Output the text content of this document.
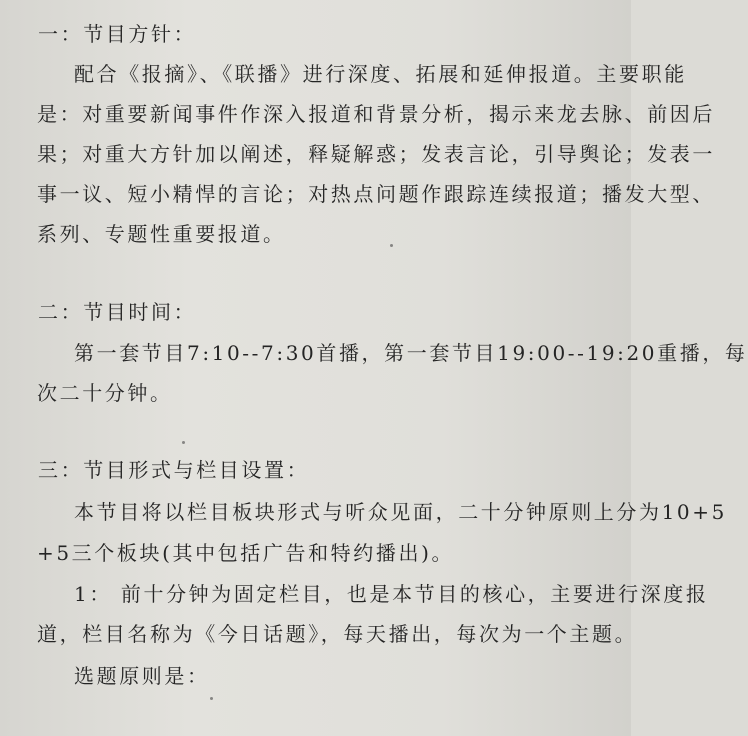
一：节目方针：

配合《报摘》、《联播》进行深度、拓展和延伸报道。主要职能

是：对重要新闻事件作深入报道和背景分析，揭示来龙去脉、前因后

果；对重大方针加以阐述，释疑解惑；发表言论，引导舆论；发表一

事一议、短小精悍的言论；对热点问题作跟踪连续报道；播发大型、

系列、专题性重要报道。

二：节目时间：

第一套节目7:10--7:30首播，第一套节目19:00--19:20重播，每

次二十分钟。

三：节目形式与栏目设置：

本节目将以栏目板块形式与听众见面，二十分钟原则上分为10+5

+5三个板块(其中包括广告和特约播出)。

1： 前十分钟为固定栏目，也是本节目的核心，主要进行深度报

道，栏目名称为《今日话题》，每天播出，每次为一个主题。

选题原则是：
